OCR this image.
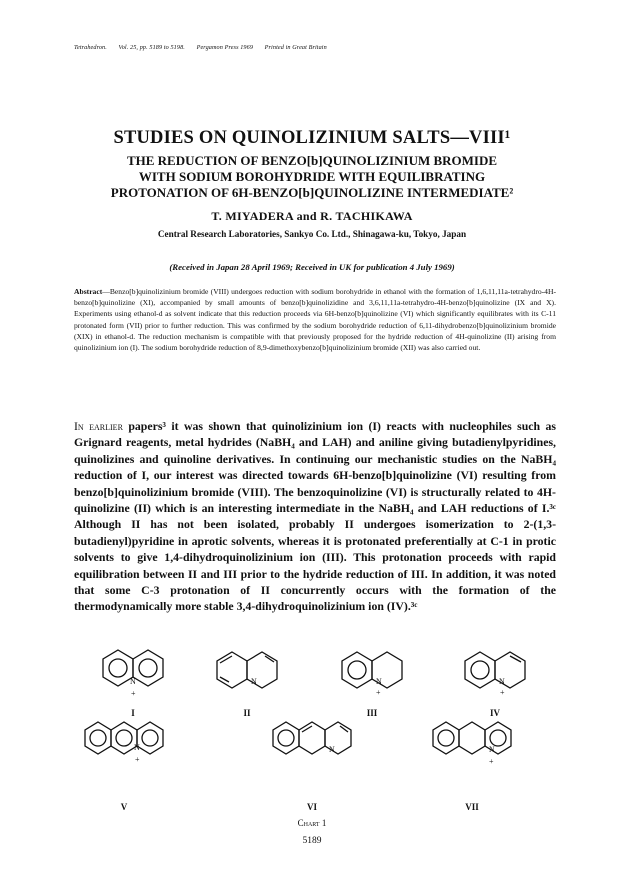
Tetrahedron. Vol. 25, pp. 5189 to 5198. Pergamon Press 1969 Printed in Great Britain
STUDIES ON QUINOLIZINIUM SALTS—VIII¹
THE REDUCTION OF BENZO[b]QUINOLIZINIUM BROMIDE
WITH SODIUM BOROHYDRIDE WITH EQUILIBRATING
PROTONATION OF 6H-BENZO[b]QUINOLIZINE INTERMEDIATE²
T. MIYADERA and R. TACHIKAWA
Central Research Laboratories, Sankyo Co. Ltd., Shinagawa-ku, Tokyo, Japan
(Received in Japan 28 April 1969; Received in UK for publication 4 July 1969)
Abstract—Benzo[b]quinolizinium bromide (VIII) undergoes reduction with sodium borohydride in ethanol with the formation of 1,6,11,11a-tetrahydro-4H-benzo[b]quinolizine (XI), accompanied by small amounts of benzo[b]quinolizidine and 3,6,11,11a-tetrahydro-4H-benzo[b]quinolizine (IX and X). Experiments using ethanol-d as solvent indicate that this reduction proceeds via 6H-benzo[b]quinolizine (VI) which significantly equilibrates with its C-11 protonated form (VII) prior to further reduction. This was confirmed by the sodium borohydride reduction of 6,11-dihydrobenzo[b]quinolizinium bromide (XIX) in ethanol-d. The reduction mechanism is compatible with that previously proposed for the hydride reduction of 4H-quinolizine (II) arising from quinolizinium ion (I). The sodium borohydride reduction of 8,9-dimethoxybenzo[b]quinolizinium bromide (XII) was also carried out.
In earlier papers³ it was shown that quinolizinium ion (I) reacts with nucleophiles such as Grignard reagents, metal hydrides (NaBH₄ and LAH) and aniline giving butadienylpyridines, quinolizines and quinoline derivatives. In continuing our mechanistic studies on the NaBH₄ reduction of I, our interest was directed towards 6H-benzo[b]quinolizine (VI) resulting from benzo[b]quinolizinium bromide (VIII). The benzoquinolizine (VI) is structurally related to 4H-quinolizine (II) which is an interesting intermediate in the NaBH₄ and LAH reductions of I.³ᶜ Although II has not been isolated, probably II undergoes isomerization to 2-(1,3-butadienyl)pyridine in aprotic solvents, whereas it is protonated preferentially at C-1 in protic solvents to give 1,4-dihydroquinolizinium ion (III). This protonation proceeds with rapid equilibration between II and III prior to the hydride reduction of III. In addition, it was noted that some C-3 protonation of II concurrently occurs with the formation of the thermodynamically more stable 3,4-dihydroquinolizinium ion (IV).³ᶜ
N
+
N	N
+
N
+
N
+
N	N
+
I	II	III	IV
V	VI	VII
Chart 1
5189
